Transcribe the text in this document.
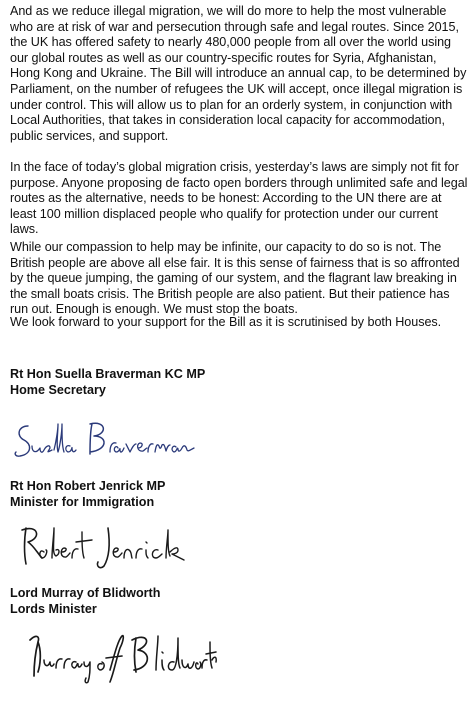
And as we reduce illegal migration, we will do more to help the most vulnerable who are at risk of war and persecution through safe and legal routes. Since 2015, the UK has offered safety to nearly 480,000 people from all over the world using our global routes as well as our country-specific routes for Syria, Afghanistan, Hong Kong and Ukraine. The Bill will introduce an annual cap, to be determined by Parliament, on the number of refugees the UK will accept, once illegal migration is under control. This will allow us to plan for an orderly system, in conjunction with Local Authorities, that takes in consideration local capacity for accommodation, public services, and support.

In the face of today’s global migration crisis, yesterday’s laws are simply not fit for purpose. Anyone proposing de facto open borders through unlimited safe and legal routes as the alternative, needs to be honest: According to the UN there are at least 100 million displaced people who qualify for protection under our current laws.

While our compassion to help may be infinite, our capacity to do so is not. The British people are above all else fair. It is this sense of fairness that is so affronted by the queue jumping, the gaming of our system, and the flagrant law breaking in the small boats crisis. The British people are also patient. But their patience has run out. Enough is enough. We must stop the boats.

We look forward to your support for the Bill as it is scrutinised by both Houses.

Rt Hon Suella Braverman KC MP
Home Secretary
Rt Hon Robert Jenrick MP
Minister for Immigration
Lord Murray of Blidworth
Lords Minister
